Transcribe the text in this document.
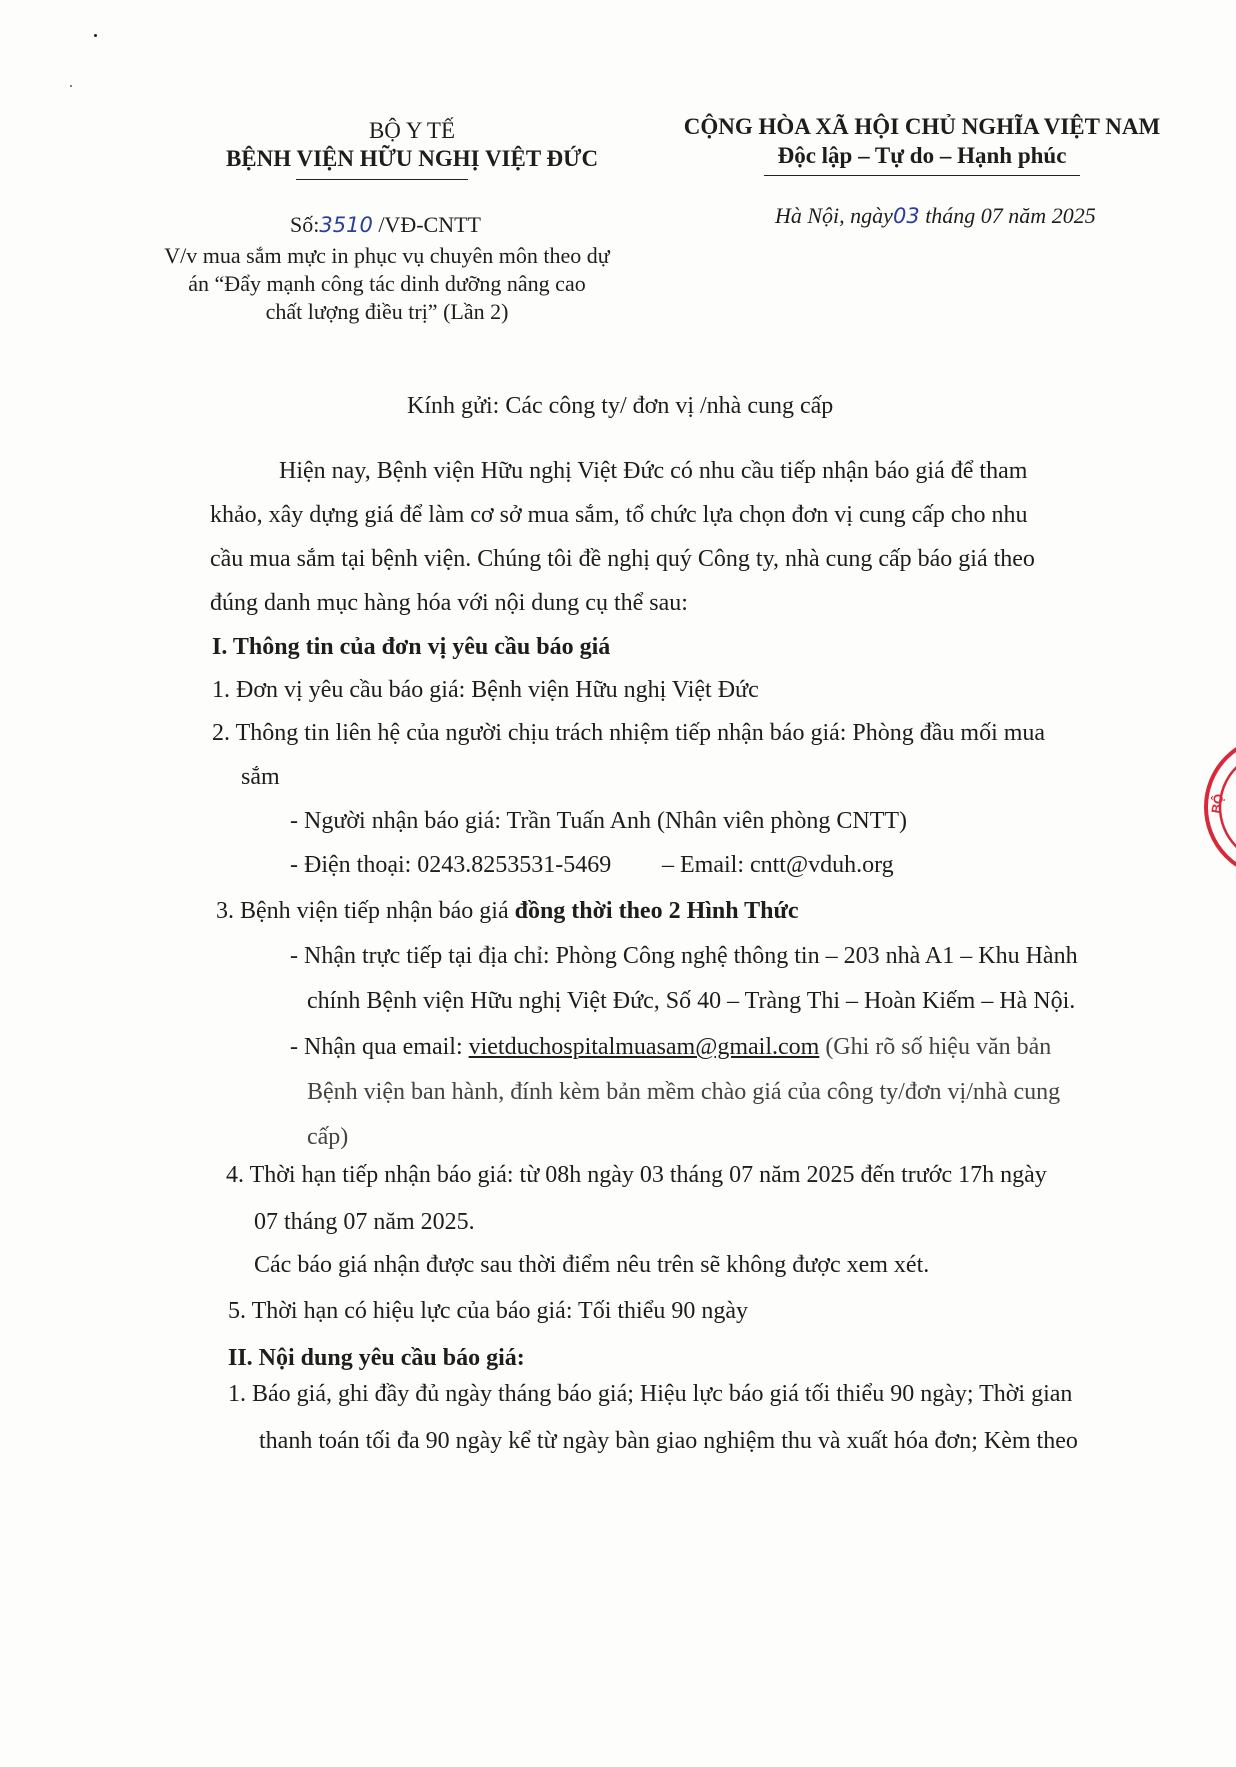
BỘ Y TẾ
BỆNH VIỆN HỮU NGHỊ VIỆT ĐỨC
Số:3510 /VĐ-CNTT
V/v mua sắm mực in phục vụ chuyên môn theo dự
án “Đẩy mạnh công tác dinh dưỡng nâng cao
chất lượng điều trị” (Lần 2)
CỘNG HÒA XÃ HỘI CHỦ NGHĨA VIỆT NAM
Độc lập – Tự do – Hạnh phúc
Hà Nội, ngày03 tháng 07 năm 2025
Kính gửi: Các công ty/ đơn vị /nhà cung cấp
Hiện nay, Bệnh viện Hữu nghị Việt Đức có nhu cầu tiếp nhận báo giá để tham
khảo, xây dựng giá để làm cơ sở mua sắm, tổ chức lựa chọn đơn vị cung cấp cho nhu
cầu mua sắm tại bệnh viện. Chúng tôi đề nghị quý Công ty, nhà cung cấp báo giá theo
đúng danh mục hàng hóa với nội dung cụ thể sau:
I. Thông tin của đơn vị yêu cầu báo giá
1. Đơn vị yêu cầu báo giá: Bệnh viện Hữu nghị Việt Đức
2. Thông tin liên hệ của người chịu trách nhiệm tiếp nhận báo giá: Phòng đầu mối mua
sắm
- Người nhận báo giá: Trần Tuấn Anh (Nhân viên phòng CNTT)
- Điện thoại: 0243.8253531-5469 – Email: cntt@vduh.org
3. Bệnh viện tiếp nhận báo giá đồng thời theo 2 Hình Thức
- Nhận trực tiếp tại địa chỉ: Phòng Công nghệ thông tin – 203 nhà A1 – Khu Hành
chính Bệnh viện Hữu nghị Việt Đức, Số 40 – Tràng Thi – Hoàn Kiếm – Hà Nội.
- Nhận qua email: vietduchospitalmuasam@gmail.com (Ghi rõ số hiệu văn bản
Bệnh viện ban hành, đính kèm bản mềm chào giá của công ty/đơn vị/nhà cung
cấp)
4. Thời hạn tiếp nhận báo giá: từ 08h ngày 03 tháng 07 năm 2025 đến trước 17h ngày
07 tháng 07 năm 2025.
Các báo giá nhận được sau thời điểm nêu trên sẽ không được xem xét.
5. Thời hạn có hiệu lực của báo giá: Tối thiểu 90 ngày
II. Nội dung yêu cầu báo giá:
1. Báo giá, ghi đầy đủ ngày tháng báo giá; Hiệu lực báo giá tối thiểu 90 ngày; Thời gian
thanh toán tối đa 90 ngày kể từ ngày bàn giao nghiệm thu và xuất hóa đơn; Kèm theo
BỘ
